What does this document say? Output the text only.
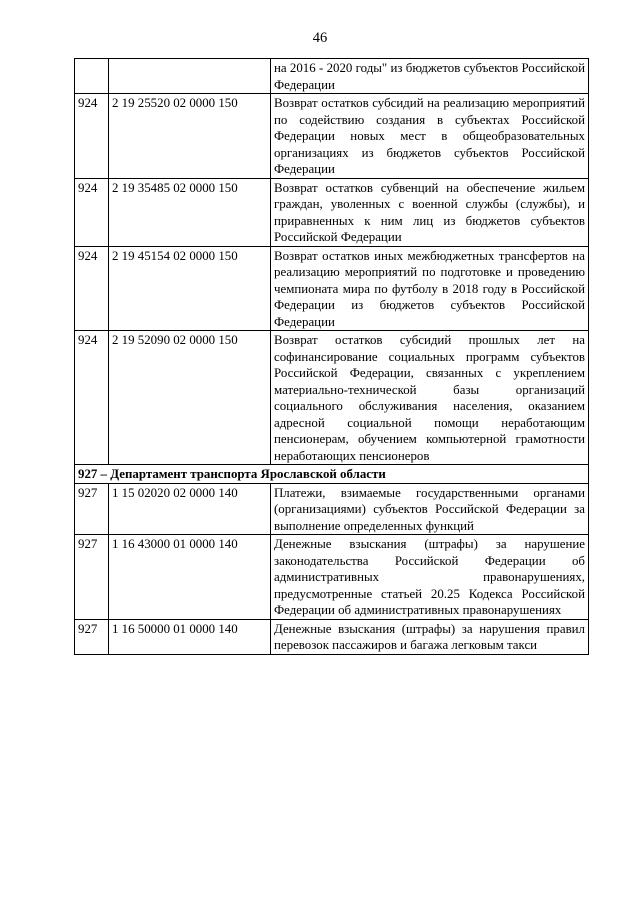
46
		на 2016 - 2020 годы" из бюджетов субъектов Российской Федерации
924	2 19 25520 02 0000 150	Возврат остатков субсидий на реализацию мероприятий по содействию создания в субъектах Российской Федерации новых мест в общеобразовательных организациях из бюджетов субъектов Российской Федерации
924	2 19 35485 02 0000 150	Возврат остатков субвенций на обеспечение жильем граждан, уволенных с военной службы (службы), и приравненных к ним лиц из бюджетов субъектов Российской Федерации
924	2 19 45154 02 0000 150	Возврат остатков иных межбюджетных трансфертов на реализацию мероприятий по подготовке и проведению чемпионата мира по футболу в 2018 году в Российской Федерации из бюджетов субъектов Российской Федерации
924	2 19 52090 02 0000 150	Возврат остатков субсидий прошлых лет на софинансирование социальных программ субъектов Российской Федерации, связанных с укреплением материально-технической базы организаций социального обслуживания населения, оказанием адресной социальной помощи неработающим пенсионерам, обучением компьютерной грамотности неработающих пенсионеров
927 – Департамент транспорта Ярославской области		
927	1 15 02020 02 0000 140	Платежи, взимаемые государственными органами (организациями) субъектов Российской Федерации за выполнение определенных функций
927	1 16 43000 01 0000 140	Денежные взыскания (штрафы) за нарушение законодательства Российской Федерации об административных правонарушениях, предусмотренные статьей 20.25 Кодекса Российской Федерации об административных правонарушениях
927	1 16 50000 01 0000 140	Денежные взыскания (штрафы) за нарушения правил перевозок пассажиров и багажа легковым такси
